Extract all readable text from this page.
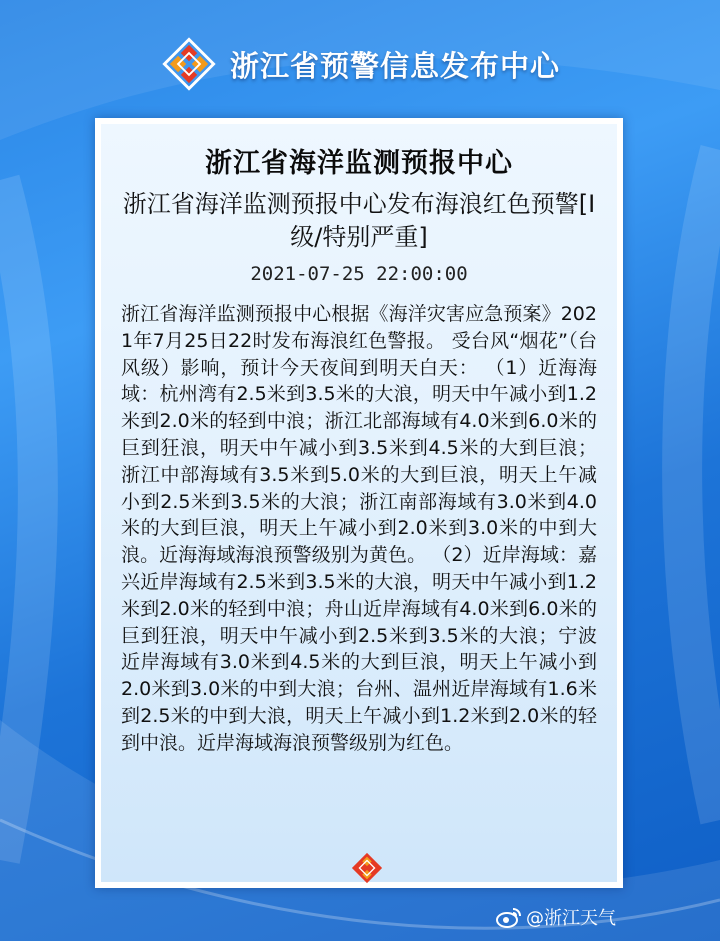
浙江省预警信息发布中心
浙江省海洋监测预报中心
浙江省海洋监测预报中心发布海浪红色预警[Ⅰ级/特别严重]
2021-07-25 22:00:00
浙江省海洋监测预报中心根据《海洋灾害应急预案》2021年7月25日22时发布海浪红色警报。 受台风“烟花”（台风级）影响，预计今天夜间到明天白天： （1）近海海域：杭州湾有2.5米到3.5米的大浪，明天中午减小到1.2米到2.0米的轻到中浪；浙江北部海域有4.0米到6.0米的巨到狂浪，明天中午减小到3.5米到4.5米的大到巨浪；浙江中部海域有3.5米到5.0米的大到巨浪，明天上午减小到2.5米到3.5米的大浪；浙江南部海域有3.0米到4.0米的大到巨浪，明天上午减小到2.0米到3.0米的中到大浪。近海海域海浪预警级别为黄色。 （2）近岸海域：嘉兴近岸海域有2.5米到3.5米的大浪，明天中午减小到1.2米到2.0米的轻到中浪；舟山近岸海域有4.0米到6.0米的巨到狂浪，明天中午减小到2.5米到3.5米的大浪；宁波近岸海域有3.0米到4.5米的大到巨浪，明天上午减小到2.0米到3.0米的中到大浪；台州、温州近岸海域有1.6米到2.5米的中到大浪，明天上午减小到1.2米到2.0米的轻到中浪。近岸海域海浪预警级别为红色。
@浙江天气
